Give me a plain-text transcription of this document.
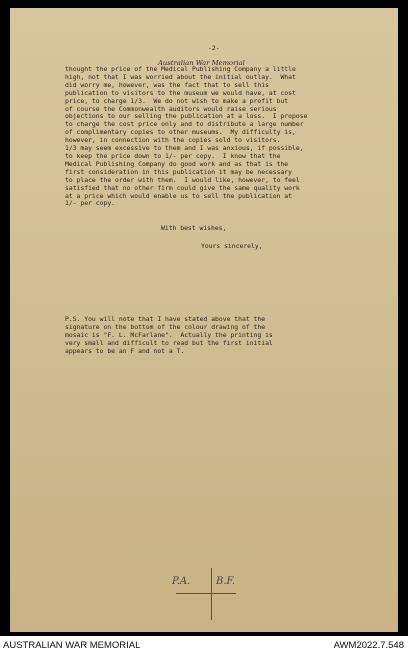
-2-
Australian War Memorial
thought the price of the Medical Publishing Company a little
high, not that I was worried about the initial outlay.  What
did worry me, however, was the fact that to sell this
publication to visitors to the museum we would have, at cost
price, to charge 1/3.  We do not wish to make a profit but
of course the Commonwealth auditors would raise serious
objections to our selling the publication at a loss.  I propose
to charge the cost price only and to distribute a large number
of complimentary copies to other museums.  My difficulty is,
however, in connection with the copies sold to visitors.
1/3 may seem excessive to them and I was anxious, if possible,
to keep the price down to 1/- per copy.  I know that the
Medical Publishing Company do good work and as that is the
first consideration in this publication it may be necessary
to place the order with them.  I would like, however, to feel
satisfied that no other firm could give the same quality work
at a price which would enable us to sell the publication at
1/- per copy.
With best wishes,
Yours sincerely,
P.S. You will note that I have stated above that the
signature on the bottom of the colour drawing of the
mosaic is "F. L. McFarlane".  Actually the printing is
very small and difficult to read but the first initial
appears to be an F and not a T.
P.A.	B.F.
AUSTRALIAN WAR MEMORIAL	AWM2022.7.548
